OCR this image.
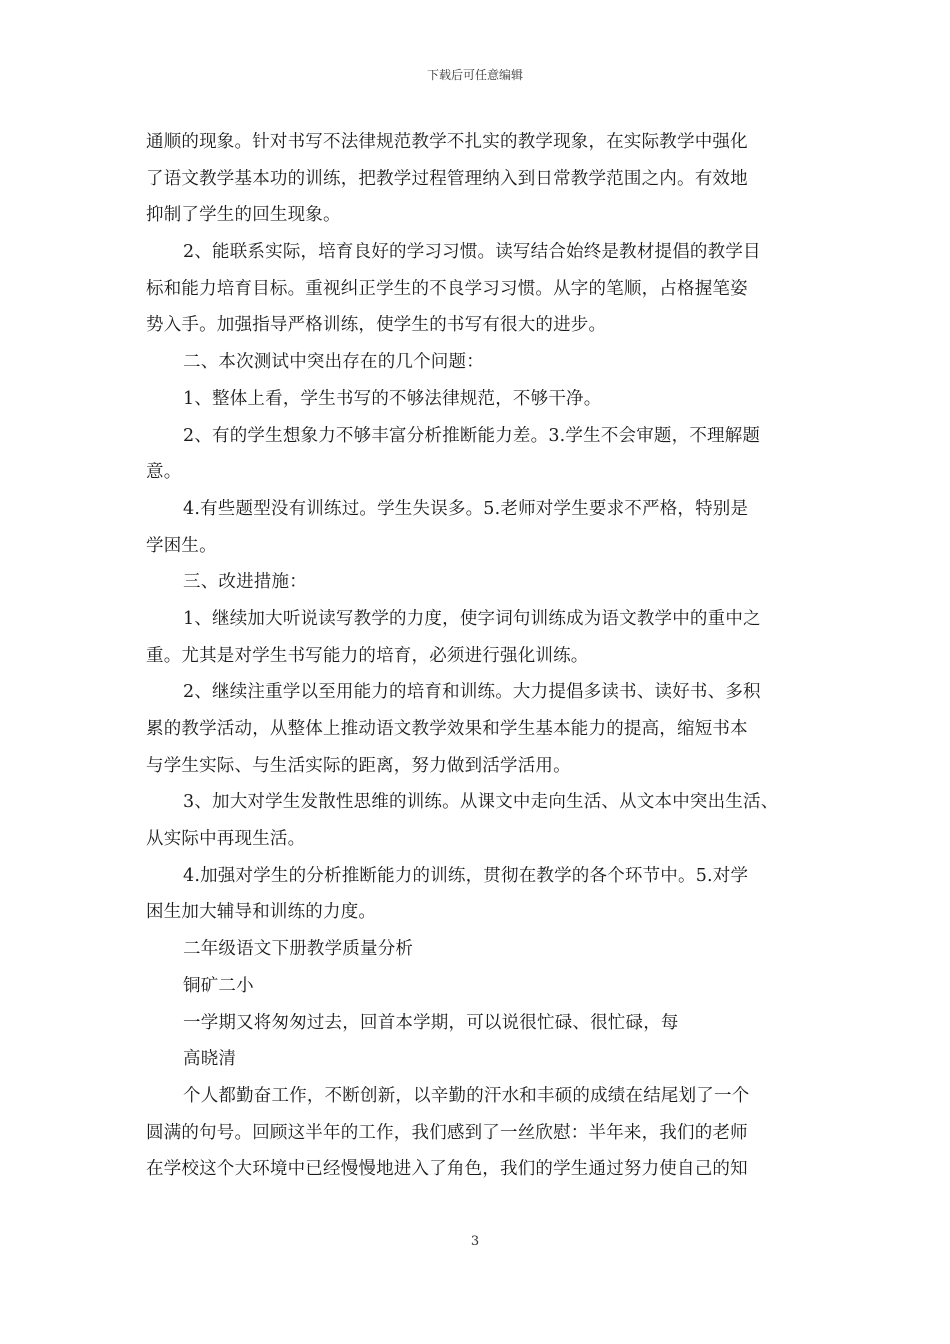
下载后可任意编辑
通顺的现象。针对书写不法律规范教学不扎实的教学现象，在实际教学中强化
了语文教学基本功的训练，把教学过程管理纳入到日常教学范围之内。有效地
抑制了学生的回生现象。
2、能联系实际，培育良好的学习习惯。读写结合始终是教材提倡的教学目
标和能力培育目标。重视纠正学生的不良学习习惯。从字的笔顺，占格握笔姿
势入手。加强指导严格训练，使学生的书写有很大的进步。
二、本次测试中突出存在的几个问题：
1、整体上看，学生书写的不够法律规范，不够干净。
2、有的学生想象力不够丰富分析推断能力差。3.学生不会审题，不理解题
意。
4.有些题型没有训练过。学生失误多。5.老师对学生要求不严格，特别是
学困生。
三、改进措施：
1、继续加大听说读写教学的力度，使字词句训练成为语文教学中的重中之
重。尤其是对学生书写能力的培育，必须进行强化训练。
2、继续注重学以至用能力的培育和训练。大力提倡多读书、读好书、多积
累的教学活动，从整体上推动语文教学效果和学生基本能力的提高，缩短书本
与学生实际、与生活实际的距离，努力做到活学活用。
3、加大对学生发散性思维的训练。从课文中走向生活、从文本中突出生活、
从实际中再现生活。
4.加强对学生的分析推断能力的训练，贯彻在教学的各个环节中。5.对学
困生加大辅导和训练的力度。
二年级语文下册教学质量分析
铜矿二小
一学期又将匆匆过去，回首本学期，可以说很忙碌、很忙碌，每
高晓清
个人都勤奋工作，不断创新，以辛勤的汗水和丰硕的成绩在结尾划了一个
圆满的句号。回顾这半年的工作，我们感到了一丝欣慰：半年来，我们的老师
在学校这个大环境中已经慢慢地进入了角色，我们的学生通过努力使自己的知
3
